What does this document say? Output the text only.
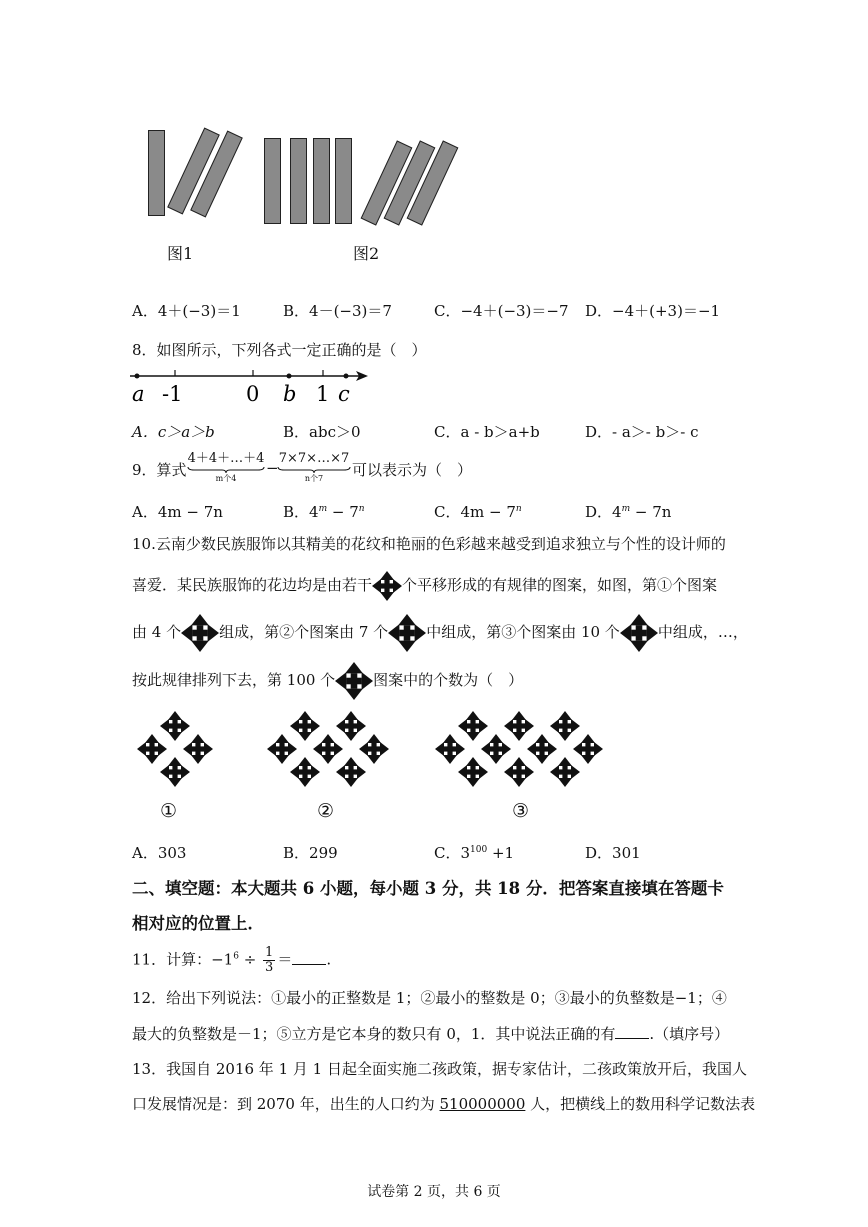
图1	图2
A．4＋(−3)＝1	B．4－(−3)＝7	C．−4＋(−3)＝−7 D．−4＋(+3)＝−1
8．如图所示，下列各式一定正确的是（　）
a -1	0 b 1 c
A．c＞a＞b	B．abc＞0	C．a - b＞a+b	D．- a＞- b＞- c
9．算式
4＋4＋…＋4
m个4
−
7×7×…×7
n个7	可以表示为（　）
A．4m − 7n	B．$4^m - 7^n$	C．$4m - 7^n$	D．$4^m - 7n$
10.云南少数民族服饰以其精美的花纹和艳丽的色彩越来越受到追求独立与个性的设计师的
喜爱．某民族服饰的花边均是由若干 个平移形成的有规律的图案，如图，第①个图案
由 4 个	组成，第②个图案由 7 个	中组成，第③个图案由 10 个	中组成，…，
按此规律排列下去，第 100 个	图案中的个数为（　）
①	②	③
A．303	B．299	C．$3^{100} +1$	D．301
二、填空题：本大题共 6 小题，每小题 3 分，共 18 分．把答案直接填在答题卡
相对应的位置上．
11．计算：$-1^6 \div \frac{1}{3}$ ＝ .
12．给出下列说法：①最小的正整数是 1；②最小的整数是 0；③最小的负整数是−1；④
最大的负整数是－1；⑤立方是它本身的数只有 0，1．其中说法正确的有 .（填序号）
13．我国自 2016 年 1 月 1 日起全面实施二孩政策，据专家估计，二孩政策放开后，我国人
口发展情况是：到 2070 年，出生的人口约为 510000000 人，把横线上的数用科学记数法表
试卷第 2 页，共 6 页
